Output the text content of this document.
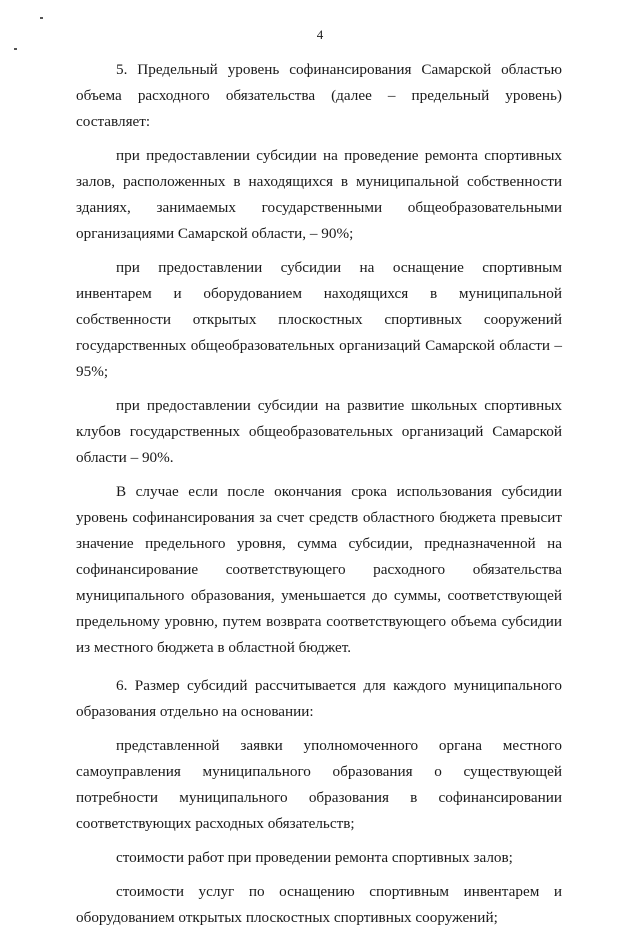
4

5. Предельный уровень софинансирования Самарской областью объема расходного обязательства (далее – предельный уровень) составляет:

при предоставлении субсидии на проведение ремонта спортивных залов, расположенных в находящихся в муниципальной собственности зданиях, занимаемых государственными общеобразовательными организациями Самарской области, – 90%;

при предоставлении субсидии на оснащение спортивным инвентарем и оборудованием находящихся в муниципальной собственности открытых плоскостных спортивных сооружений государственных общеобразовательных организаций Самарской области – 95%;

при предоставлении субсидии на развитие школьных спортивных клубов государственных общеобразовательных организаций Самарской области – 90%.

В случае если после окончания срока использования субсидии уровень софинансирования за счет средств областного бюджета превысит значение предельного уровня, сумма субсидии, предназначенной на софинансирование соответствующего расходного обязательства муниципального образования, уменьшается до суммы, соответствующей предельному уровню, путем возврата соответствующего объема субсидии из местного бюджета в областной бюджет.

6. Размер субсидий рассчитывается для каждого муниципального образования отдельно на основании:

представленной заявки уполномоченного органа местного самоуправления муниципального образования о существующей потребности муниципального образования в софинансировании соответствующих расходных обязательств;

стоимости работ при проведении ремонта спортивных залов;

стоимости услуг по оснащению спортивным инвентарем и оборудованием открытых плоскостных спортивных сооружений;
